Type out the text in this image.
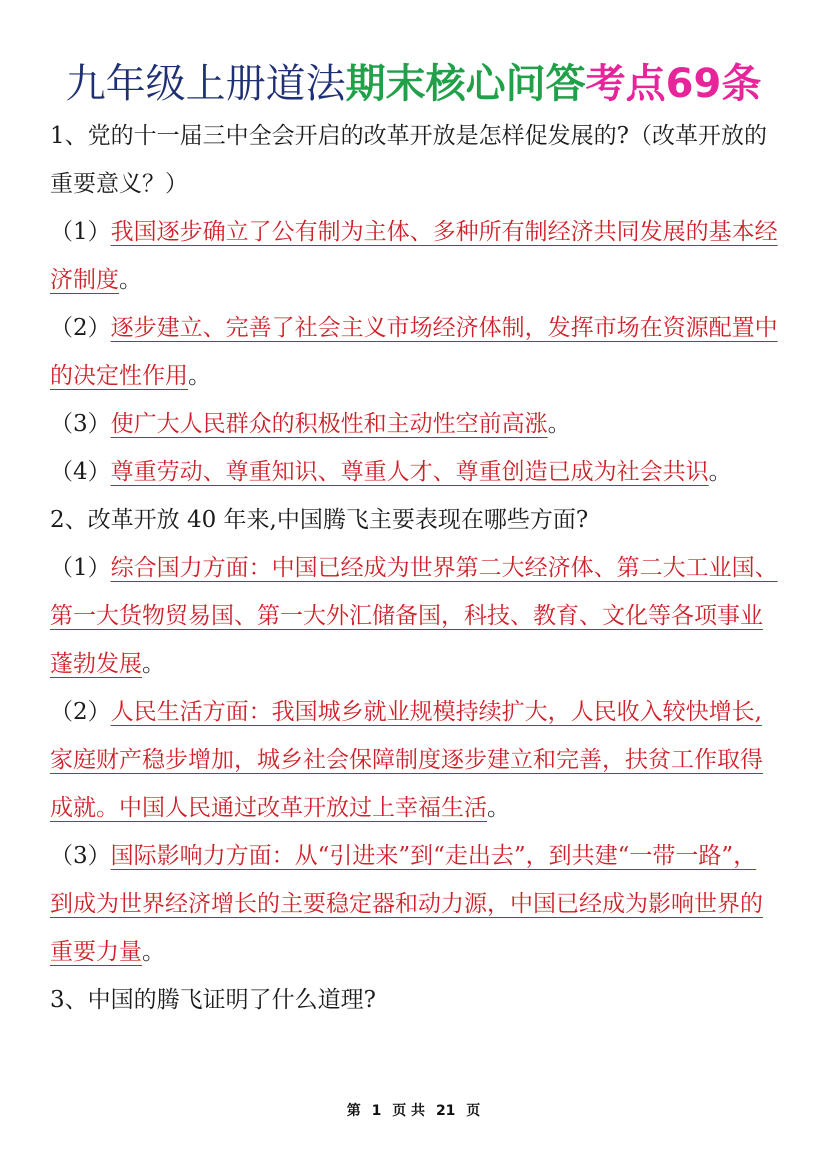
九年级上册道法期末核心问答考点69条

1、党的十一届三中全会开启的改革开放是怎样促发展的?（改革开放的重要意义？）

（1）我国逐步确立了公有制为主体、多种所有制经济共同发展的基本经济制度。

（2）逐步建立、完善了社会主义市场经济体制，发挥市场在资源配置中的决定性作用。

（3）使广大人民群众的积极性和主动性空前高涨。

（4）尊重劳动、尊重知识、尊重人才、尊重创造已成为社会共识。

2、改革开放 40 年来,中国腾飞主要表现在哪些方面?

（1）综合国力方面：中国已经成为世界第二大经济体、第二大工业国、第一大货物贸易国、第一大外汇储备国，科技、教育、文化等各项事业蓬勃发展。

（2）人民生活方面：我国城乡就业规模持续扩大，人民收入较快增长,家庭财产稳步增加，城乡社会保障制度逐步建立和完善，扶贫工作取得成就。中国人民通过改革开放过上幸福生活。

（3）国际影响力方面：从“引进来”到“走出去”，到共建“一带一路”，到成为世界经济增长的主要稳定器和动力源，中国已经成为影响世界的重要力量。

3、中国的腾飞证明了什么道理?

第 1 页 共 21 页
